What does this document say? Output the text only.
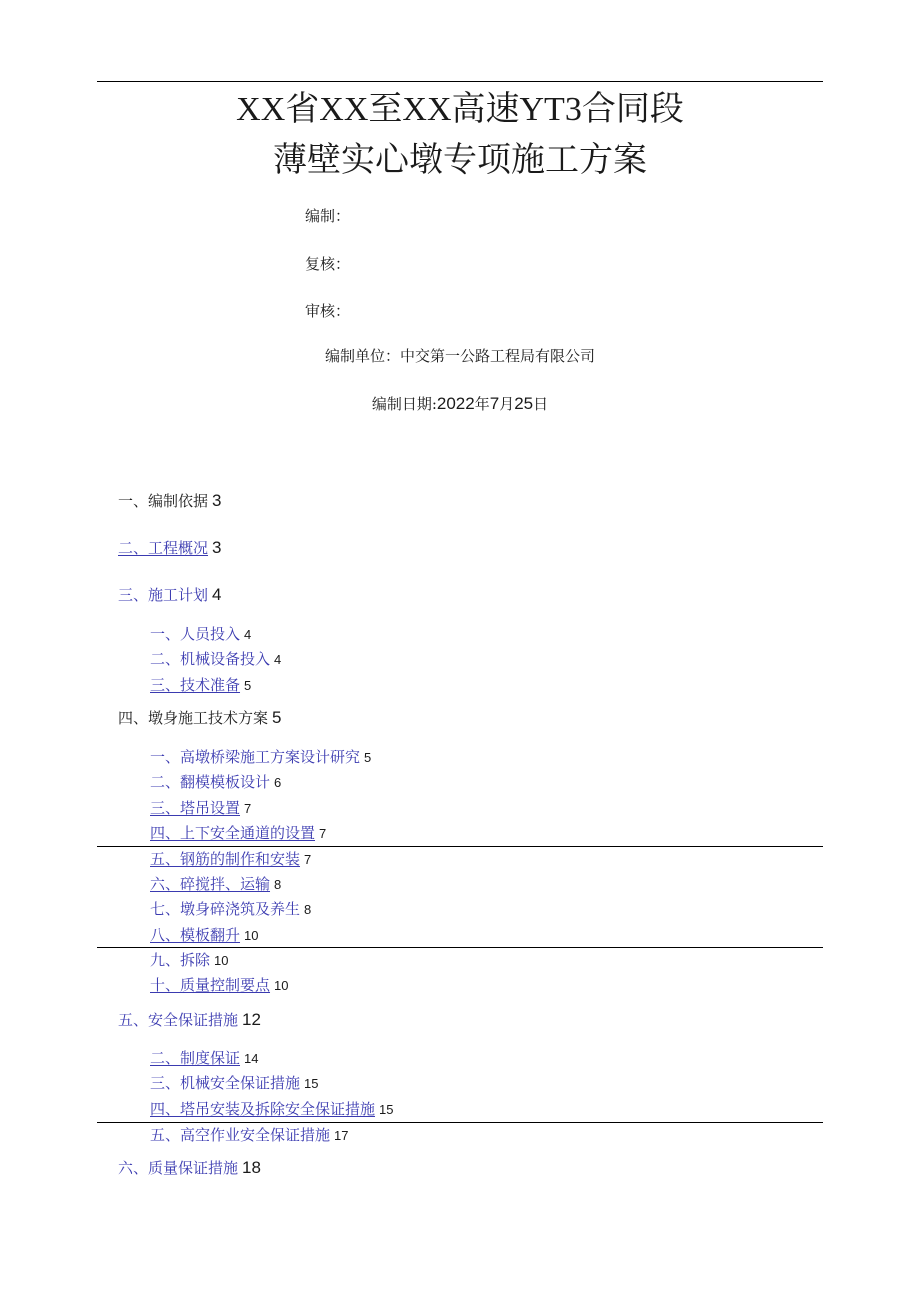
XX省XX至XX高速YT3合同段
薄壁实心墩专项施工方案
编制：
复核：
审核：
编制单位：中交第一公路工程局有限公司
编制日期:2022年7月25日
一、编制依据 3
二、工程概况 3
三、施工计划 4
一、人员投入 4
二、机械设备投入 4
三、技术准备 5
四、墩身施工技术方案 5
一、高墩桥梁施工方案设计研究 5
二、翻模模板设计 6
三、塔吊设置 7
四、上下安全通道的设置 7
五、钢筋的制作和安装 7
六、碎搅拌、运输 8
七、墩身碎浇筑及养生 8
八、模板翻升 10
九、拆除 10
十、质量控制要点 10
五、安全保证措施 12
二、制度保证 14
三、机械安全保证措施 15
四、塔吊安装及拆除安全保证措施 15
五、高空作业安全保证措施 17
六、质量保证措施 18
